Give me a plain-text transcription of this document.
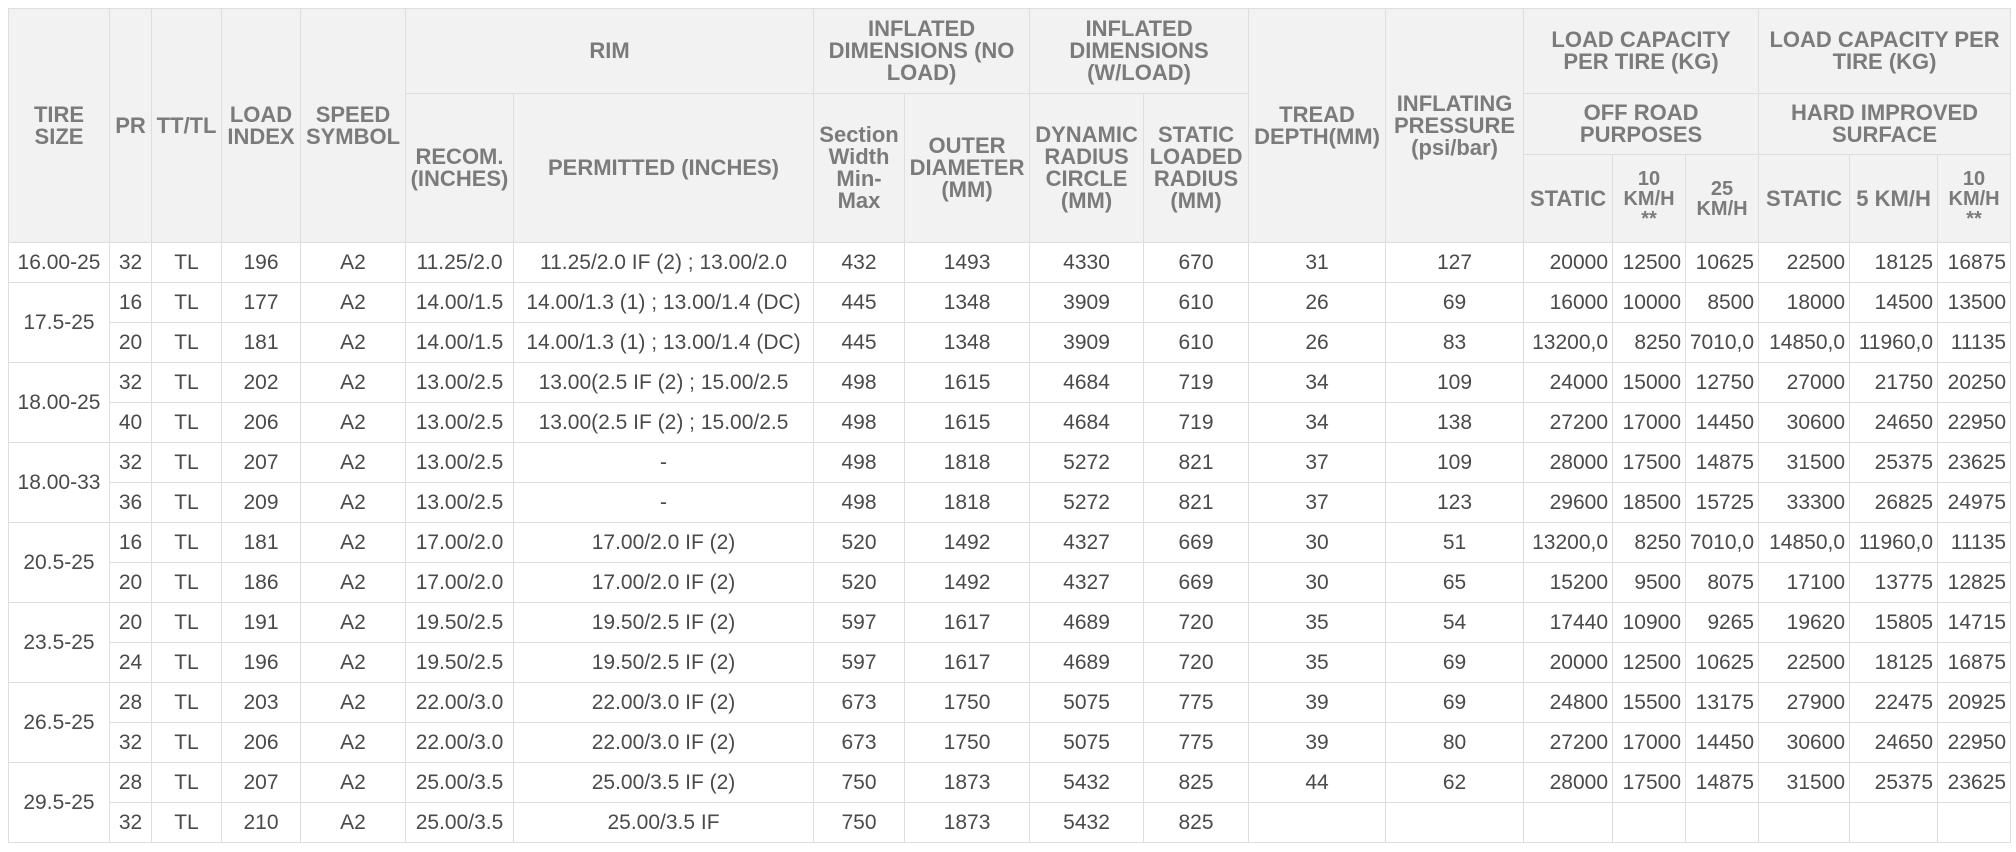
TIRE SIZE	PR	TT/TL	LOAD INDEX	SPEED SYMBOL	RIM		INFLATED DIMENSIONS (NO LOAD)		INFLATED DIMENSIONS (W/LOAD)		TREAD DEPTH(MM)	INFLATING PRESSURE (psi/bar)	LOAD CAPACITY PER TIRE (KG)			LOAD CAPACITY PER TIRE (KG)		
					RECOM. (INCHES)	PERMITTED (INCHES)	Section Width Min-Max	OUTER DIAMETER (MM)	DYNAMIC RADIUS CIRCLE (MM)	STATIC LOADED RADIUS (MM)			OFF ROAD PURPOSES			HARD IMPROVED SURFACE		
													STATIC	10 KM/H **	25 KM/H	STATIC	5 KM/H	10 KM/H **
16.00-25	32	TL	196	A2	11.25/2.0	11.25/2.0 IF (2) ; 13.00/2.0	432	1493	4330	670	31	127	20000	12500	10625	22500	18125	16875
17.5-25	16	TL	177	A2	14.00/1.5	14.00/1.3 (1) ; 13.00/1.4 (DC)	445	1348	3909	610	26	69	16000	10000	8500	18000	14500	13500
	20	TL	181	A2	14.00/1.5	14.00/1.3 (1) ; 13.00/1.4 (DC)	445	1348	3909	610	26	83	13200,0	8250	7010,0	14850,0	11960,0	11135
18.00-25	32	TL	202	A2	13.00/2.5	13.00(2.5 IF (2) ; 15.00/2.5	498	1615	4684	719	34	109	24000	15000	12750	27000	21750	20250
	40	TL	206	A2	13.00/2.5	13.00(2.5 IF (2) ; 15.00/2.5	498	1615	4684	719	34	138	27200	17000	14450	30600	24650	22950
18.00-33	32	TL	207	A2	13.00/2.5	-	498	1818	5272	821	37	109	28000	17500	14875	31500	25375	23625
	36	TL	209	A2	13.00/2.5	-	498	1818	5272	821	37	123	29600	18500	15725	33300	26825	24975
20.5-25	16	TL	181	A2	17.00/2.0	17.00/2.0 IF (2)	520	1492	4327	669	30	51	13200,0	8250	7010,0	14850,0	11960,0	11135
	20	TL	186	A2	17.00/2.0	17.00/2.0 IF (2)	520	1492	4327	669	30	65	15200	9500	8075	17100	13775	12825
23.5-25	20	TL	191	A2	19.50/2.5	19.50/2.5 IF (2)	597	1617	4689	720	35	54	17440	10900	9265	19620	15805	14715
	24	TL	196	A2	19.50/2.5	19.50/2.5 IF (2)	597	1617	4689	720	35	69	20000	12500	10625	22500	18125	16875
26.5-25	28	TL	203	A2	22.00/3.0	22.00/3.0 IF (2)	673	1750	5075	775	39	69	24800	15500	13175	27900	22475	20925
	32	TL	206	A2	22.00/3.0	22.00/3.0 IF (2)	673	1750	5075	775	39	80	27200	17000	14450	30600	24650	22950
29.5-25	28	TL	207	A2	25.00/3.5	25.00/3.5 IF (2)	750	1873	5432	825	44	62	28000	17500	14875	31500	25375	23625
	32	TL	210	A2	25.00/3.5	25.00/3.5 IF	750	1873	5432	825								
